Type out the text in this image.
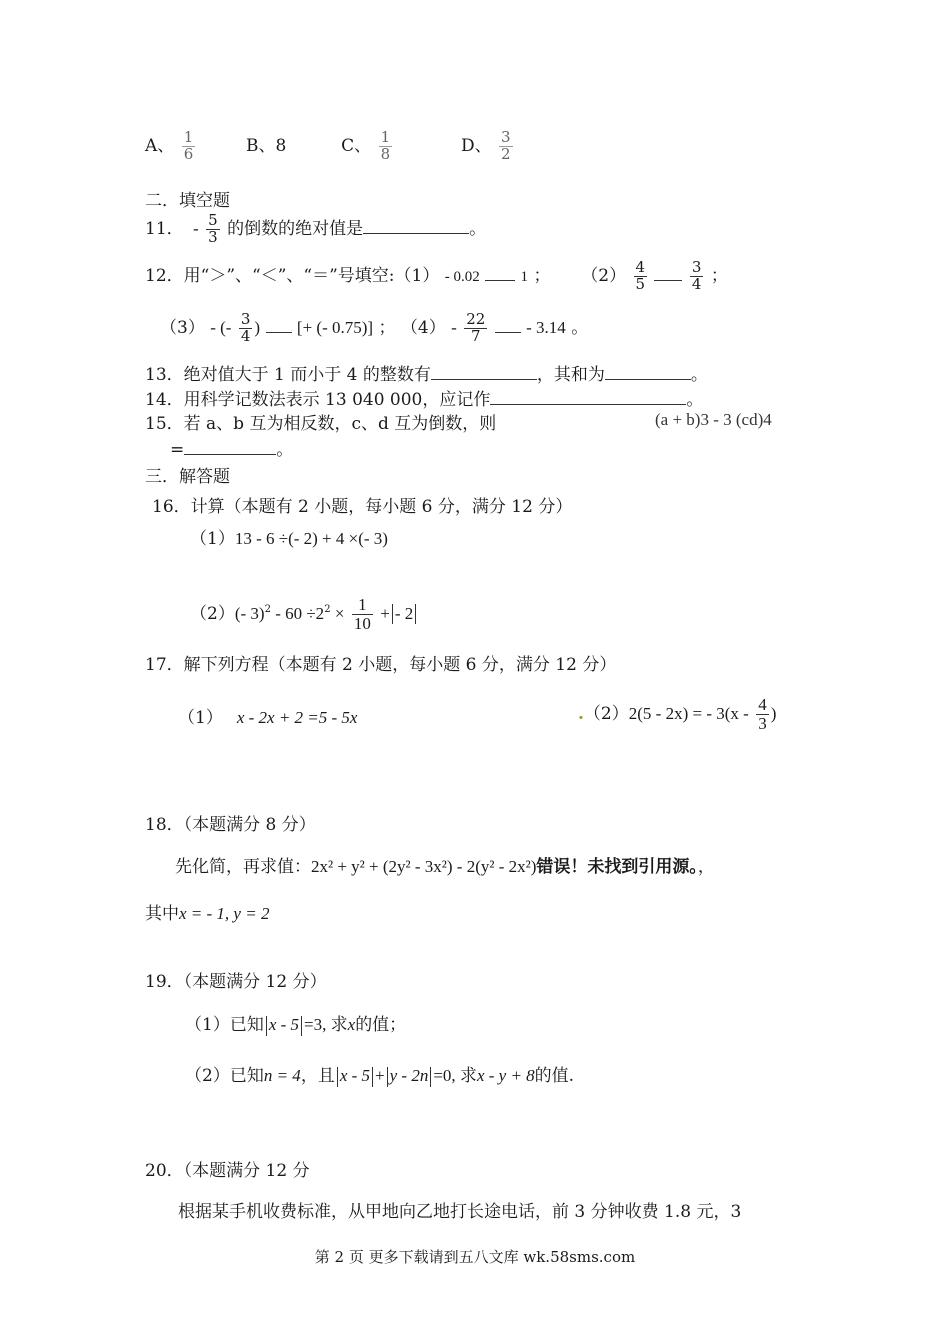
A、 $\frac{1}{6}$	B、8	C、 $\frac{1}{8}$	D、 $\frac{3}{2}$
二．填空题
11． - $\frac{5}{3}$ 的倒数的绝对值是	。
12．用“＞”、“＜”、“＝”号填空:（1） - 0.02	1 ； $(2) \frac{4}{5}$
	$\frac{3}{4}$ ；
（3） - (- $\frac{3}{4}$ ) [+ (- 0.75)] ； $(4) - \frac{22}{7} - 3.14$ 。
13．绝对值大于 1 而小于 4 的整数有	，其和为	。
14．用科学记数法表示 13 040 000，应记作	。
15．若 a、b 互为相反数，c、d 互为倒数，则	(a + b)3 - 3 (cd)4
=	。
三．解答题
16．计算（本题有 2 小题，每小题 6 分，满分 12 分）
（1）13 - 6 ÷(- 2) + 4 ×(- 3)
（2）(- $3)^2 - 60 \div 2^2 \times \frac{1}{10}$ + - 2
17．解下列方程（本题有 2 小题，每小题 6 分，满分 12 分）
（1） x - 2x + 2 =5 - 5x	.（2）2(5 - 2x) = - $3(x - \frac{4}{3}$ )
18．（本题满分 8 分）
先化简，再求值：2x² + y² + (2y² - 3x²) - 2(y² - 2x²)错误！未找到引用源。，
其中x = - 1, y = 2
19．（本题满分 12 分）
（1）已知 x - 5 =3, 求x的值；
（2）已知n = 4，且 x - 5 + y - 2n =0, 求x - y + 8的值.
20．（本题满分 12 分
根据某手机收费标准，从甲地向乙地打长途电话，前 3 分钟收费 1.8 元，3
第 2 页 更多下载请到五八文库 wk.58sms.com
